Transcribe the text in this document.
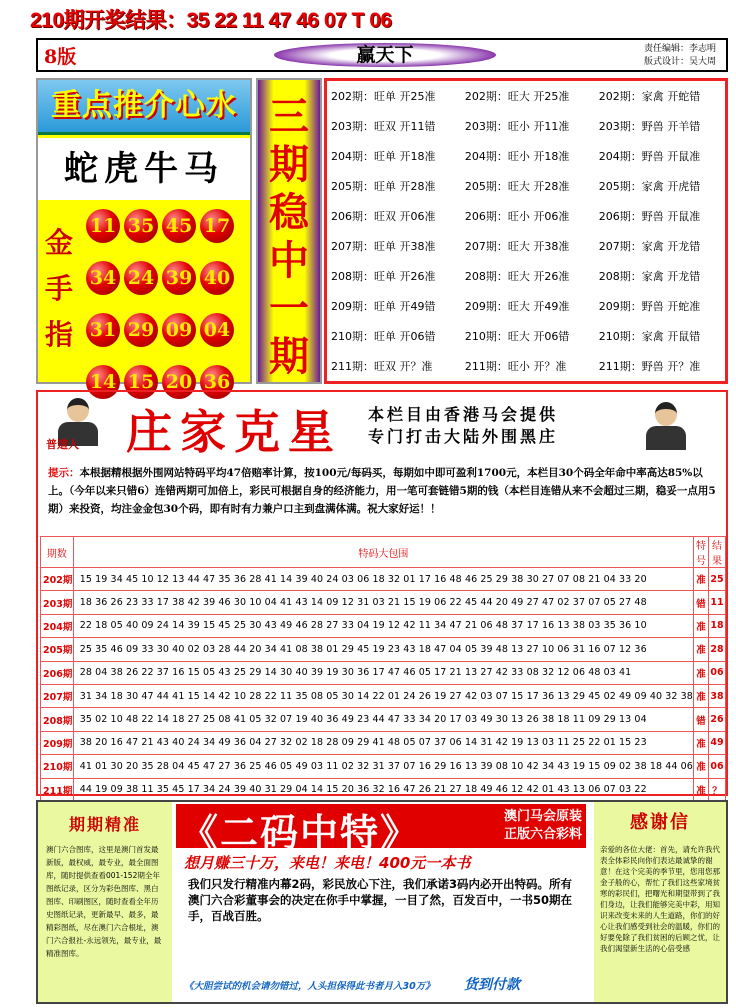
210期开奖结果：35 22 11 47 46 07 T 06
8版	赢天下	责任编辑：李志明
版式设计：吴大周
重点推介心水
蛇虎牛马
金
手
指
11 35 45 17
34 24 39 40
31 29 09 04
14 15 20 36
三
期
稳
中
一
期
202期：旺单 开25准	202期：旺大 开25准	202期：家禽 开蛇错
203期：旺双 开11错	203期：旺小 开11准	203期：野兽 开羊错
204期：旺单 开18准	204期：旺小 开18准	204期：野兽 开鼠准
205期：旺单 开28准	205期：旺大 开28准	205期：家禽 开虎错
206期：旺双 开06准	206期：旺小 开06准	206期：野兽 开鼠准
207期：旺单 开38准	207期：旺大 开38准	207期：家禽 开龙错
208期：旺单 开26准	208期：旺大 开26准	208期：家禽 开龙错
209期：旺单 开49错	209期：旺大 开49准	209期：野兽 开蛇准
210期：旺单 开06错	210期：旺大 开06错	210期：家禽 开鼠错
211期：旺双 开？准	211期：旺小 开？准	211期：野兽 开？准
普道人 庄家克星 本栏目由香港马会提供
专门打击大陆外围黑庄
提示：本根据精根据外围网站特码平均47倍赔率计算，按100元/每码买，每期如中即可盈利1700元，本栏目30个码全年命中率高达85%以上。（今年以来只错6）连错两期可加倍上，彩民可根据自身的经济能力，用一笔可套链错5期的钱（本栏目连错从来不会超过三期，稳妥一点用5期）来投资，均注金金包30个码，即有时有力兼户口主到盘满体满。祝大家好运！！
期数	特码大包围	特号	结果
202期	15 19 34 45 10 12 13 44 47 35 36 28 41 14 39 40 24 03 06 18 32 01 17 16 48 46 25 29 38 30 27 07 08 21 04 33 20	准	25
203期	18 36 26 23 33 17 38 42 39 46 30 10 04 41 43 14 09 12 31 03 21 15 19 06 22 45 44 20 49 27 47 02 37 07 05 27 48	错	11
204期	22 18 05 40 09 24 14 39 15 45 25 30 43 49 46 28 27 33 04 19 12 42 11 34 47 21 06 48 37 17 16 13 38 03 35 36 10	准	18
205期	25 35 46 09 33 30 40 02 03 28 44 20 34 41 08 38 01 29 45 19 23 43 18 47 04 05 39 48 13 27 10 06 31 16 07 12 36	准	28
206期	28 04 38 26 22 37 16 15 05 43 25 29 14 30 40 39 19 30 36 17 47 46 05 17 21 13 27 42 33 08 32 12 06 48 03 41	准	06
207期	31 34 18 30 47 44 41 15 14 42 10 28 22 11 35 08 05 30 14 22 01 24 26 19 27 42 03 07 15 17 36 13 29 45 02 49 09 40 32 38	准	38
208期	35 02 10 48 22 14 18 27 25 08 41 05 32 07 19 40 36 49 23 44 47 33 34 20 17 03 49 30 13 26 38 18 11 09 29 13 04	错	26
209期	38 20 16 47 21 43 40 24 34 49 36 04 27 32 02 18 28 09 29 41 48 05 07 37 06 14 31 42 19 13 03 11 25 22 01 15 23	准	49
210期	41 01 30 20 35 28 04 45 47 27 36 25 46 05 49 03 11 02 32 31 37 07 16 29 16 13 39 08 10 42 34 43 19 15 09 02 38 18 44 06	准	06
211期	44 19 09 38 11 35 45 17 34 24 39 40 31 29 04 14 15 20 36 32 16 47 26 21 27 18 49 46 12 42 01 43 13 06 07 03 22	准	？
期期精准
澳门六合图库，这里是澳门首发最新版，最权威，最专业，最全面图库，随时提供查看001-152期全年图纸记录，区分为彩色图库、黑白图库、印刷图区，随时查看全年历史图纸记录，更新最早、最多，最精彩图纸，尽在澳门六合根址，澳门六合报社-永远领先，最专业，最精准图库。
《二码中特》	澳门马会原装
正版六合彩料
想月赚三十万，来电！来电！400元一本书
我们只发行精准内幕2码，彩民放心下注，我们承诺3码内必开出特码。所有澳门六合彩董事会的决定在你手中掌握，一目了然，百发百中，一书50期在手，百战百胜。
《大胆尝试的机会请勿错过，人头担保得此书者月入30万》 货到付款
感谢信
亲爱的各位大佬：首先，请允许我代表全体彩民向你们表达最诚挚的谢意！在这个完美的季节里，您用您那金子般的心，帮忙了我们这些家境贫寒的彩民们，把曙光和期望带到了我们身边，让我们能够完美中彩，用知识来改变未来的人生道路，你们的好心让我们感受到社会的温暖，你们的好要免除了我们贫困的后顾之忧，让我们渴望新生活的心倍受感
